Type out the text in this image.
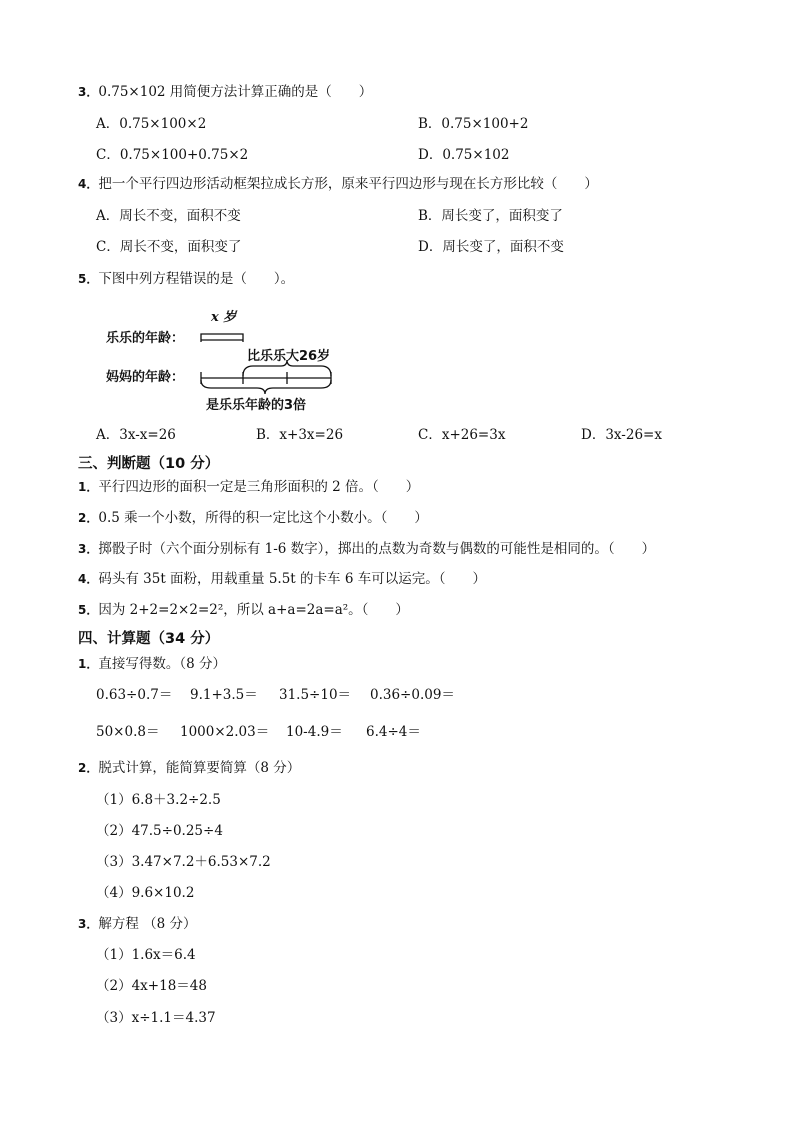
3．0.75×102 用简便方法计算正确的是（　　）
A．0.75×100×2	B．0.75×100+2
C．0.75×100+0.75×2	D．0.75×102
4．把一个平行四边形活动框架拉成长方形，原来平行四边形与现在长方形比较（　　）
A．周长不变，面积不变	B．周长变了，面积变了
C．周长不变，面积变了	D．周长变了，面积不变
5．下图中列方程错误的是（　　）。
乐乐的年龄：
妈妈的年龄：
x 岁
比乐乐大26岁
是乐乐年龄的3倍
A．3x-x=26	B．x+3x=26	C．x+26=3x	D．3x-26=x
三、判断题（10 分）
1．平行四边形的面积一定是三角形面积的 2 倍。（　　）
2．0.5 乘一个小数，所得的积一定比这个小数小。（　　）
3．掷骰子时（六个面分别标有 1-6 数字），掷出的点数为奇数与偶数的可能性是相同的。（　　）
4．码头有 35t 面粉，用载重量 5.5t 的卡车 6 车可以运完。（　　）
5．因为 2+2=2×2=2²，所以 a+a=2a=a²。（　　）
四、计算题（34 分）
1．直接写得数。（8 分）
0.63÷0.7＝ 9.1+3.5＝ 31.5÷10＝ 0.36÷0.09＝
50×0.8＝ 1000×2.03＝ 10-4.9＝ 6.4÷4＝
2．脱式计算，能简算要简算（8 分）
（1）6.8＋3.2÷2.5
（2）47.5÷0.25÷4
（3）3.47×7.2＋6.53×7.2
（4）9.6×10.2
3．解方程 （8 分）
（1）1.6x＝6.4
（2）4x+18＝48
（3）x÷1.1＝4.37
